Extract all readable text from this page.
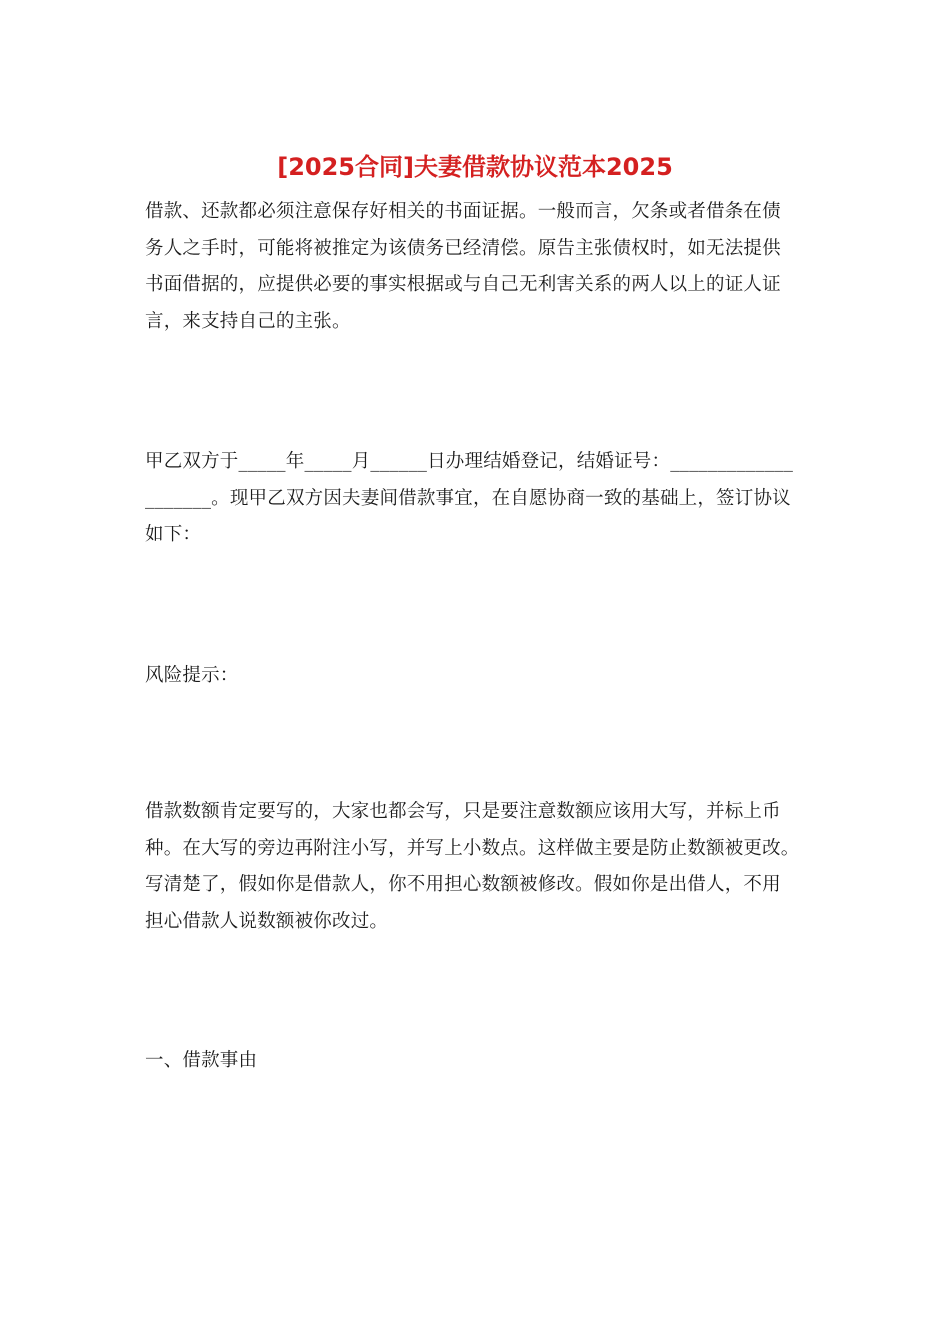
[2025合同]夫妻借款协议范本2025

借款、还款都必须注意保存好相关的书面证据。一般而言，欠条或者借条在债
务人之手时，可能将被推定为该债务已经清偿。原告主张债权时，如无法提供
书面借据的，应提供必要的事实根据或与自己无利害关系的两人以上的证人证
言，来支持自己的主张。

甲乙双方于_____年_____月______日办理结婚登记，结婚证号：_____________
_______。现甲乙双方因夫妻间借款事宜，在自愿协商一致的基础上，签订协议
如下：

风险提示：

借款数额肯定要写的，大家也都会写，只是要注意数额应该用大写，并标上币
种。在大写的旁边再附注小写，并写上小数点。这样做主要是防止数额被更改。
写清楚了，假如你是借款人，你不用担心数额被修改。假如你是出借人，不用
担心借款人说数额被你改过。

一、借款事由
